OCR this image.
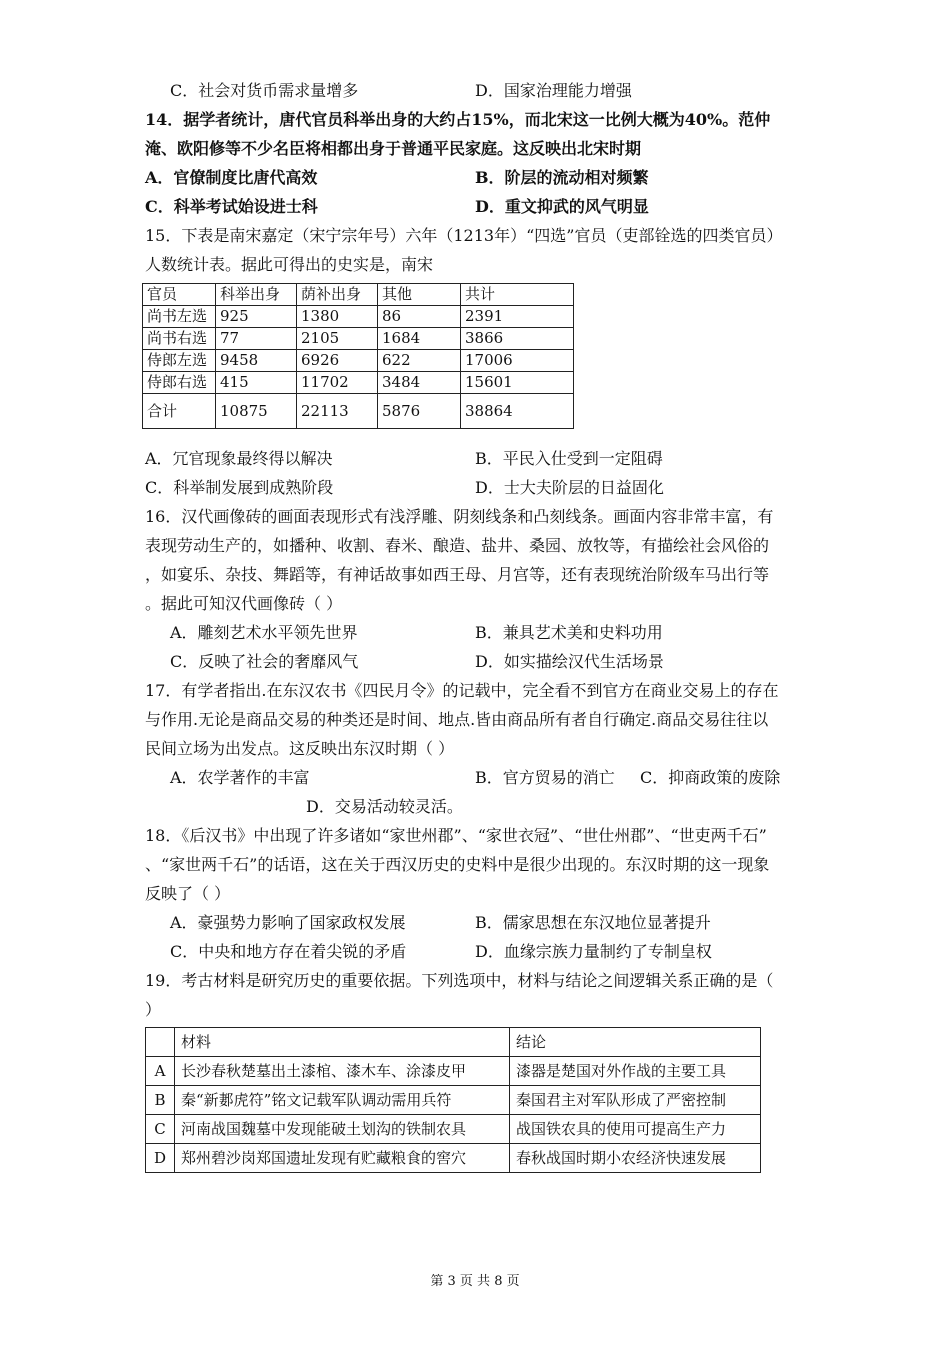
C．社会对货币需求量增多	D．国家治理能力增强
14．据学者统计，唐代官员科举出身的大约占15%，而北宋这一比例大概为40%。范仲
淹、欧阳修等不少名臣将相都出身于普通平民家庭。这反映出北宋时期
A．官僚制度比唐代高效	B．阶层的流动相对频繁
C．科举考试始设进士科	D．重文抑武的风气明显
15．下表是南宋嘉定（宋宁宗年号）六年（1213年）“四选”官员（吏部铨选的四类官员）
人数统计表。据此可得出的史实是，南宋
官员	科举出身	荫补出身	其他	共计
尚书左选	925	1380	86	2391
尚书右选	77	2105	1684	3866
侍郎左选	9458	6926	622	17006
侍郎右选	415	11702	3484	15601
合计	10875	22113	5876	38864
A．冗官现象最终得以解决	B．平民入仕受到一定阻碍
C．科举制发展到成熟阶段	D．士大夫阶层的日益固化
16．汉代画像砖的画面表现形式有浅浮雕、阴刻线条和凸刻线条。画面内容非常丰富，有
表现劳动生产的，如播种、收割、舂米、酿造、盐井、桑园、放牧等，有描绘社会风俗的
，如宴乐、杂技、舞蹈等，有神话故事如西王母、月宫等，还有表现统治阶级车马出行等
。据此可知汉代画像砖（ ）
A．雕刻艺术水平领先世界	B．兼具艺术美和史料功用
C．反映了社会的奢靡风气	D．如实描绘汉代生活场景
17．有学者指出.在东汉农书《四民月令》的记载中，完全看不到官方在商业交易上的存在
与作用.无论是商品交易的种类还是时间、地点.皆由商品所有者自行确定.商品交易往往以
民间立场为出发点。这反映出东汉时期（ ）
A．农学著作的丰富	B．官方贸易的消亡 C．抑商政策的废除
D．交易活动较灵活。
18．《后汉书》中出现了许多诸如“家世州郡”、“家世衣冠”、“世仕州郡”、“世吏两千石”
、“家世两千石”的话语，这在关于西汉历史的史料中是很少出现的。东汉时期的这一现象
反映了（ ）
A．豪强势力影响了国家政权发展	B．儒家思想在东汉地位显著提升
C．中央和地方存在着尖锐的矛盾	D．血缘宗族力量制约了专制皇权
19．考古材料是研究历史的重要依据。下列选项中，材料与结论之间逻辑关系正确的是（
）
	材料	结论
A	长沙春秋楚墓出土漆棺、漆木车、涂漆皮甲	漆器是楚国对外作战的主要工具
B	秦“新郪虎符”铭文记载军队调动需用兵符	秦国君主对军队形成了严密控制
C	河南战国魏墓中发现能破土划沟的铁制农具	战国铁农具的使用可提高生产力
D	郑州碧沙岗郑国遗址发现有贮藏粮食的窖穴	春秋战国时期小农经济快速发展
第 3 页 共 8 页
